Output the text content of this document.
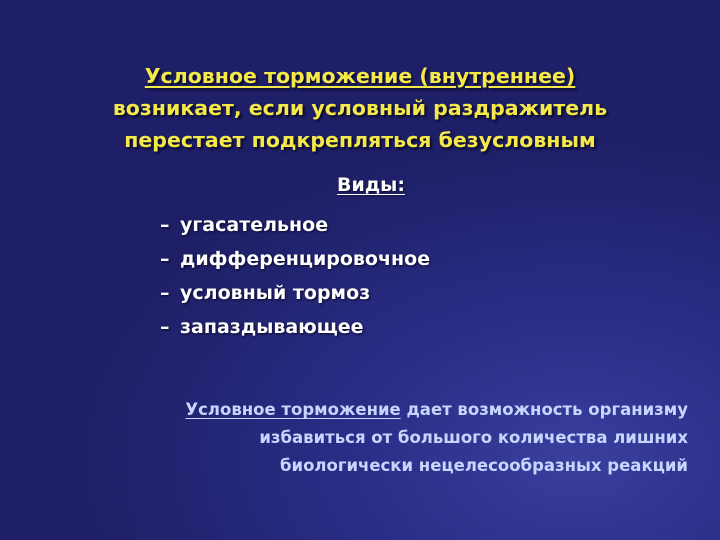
Условное торможение (внутреннее)
возникает, если условный раздражитель
перестает подкрепляться безусловным
Виды:
– угасательное
– дифференцировочное
– условный тормоз
– запаздывающее
Условное торможение дает возможность организму
избавиться от большого количества лишних
биологически нецелесообразных реакций
